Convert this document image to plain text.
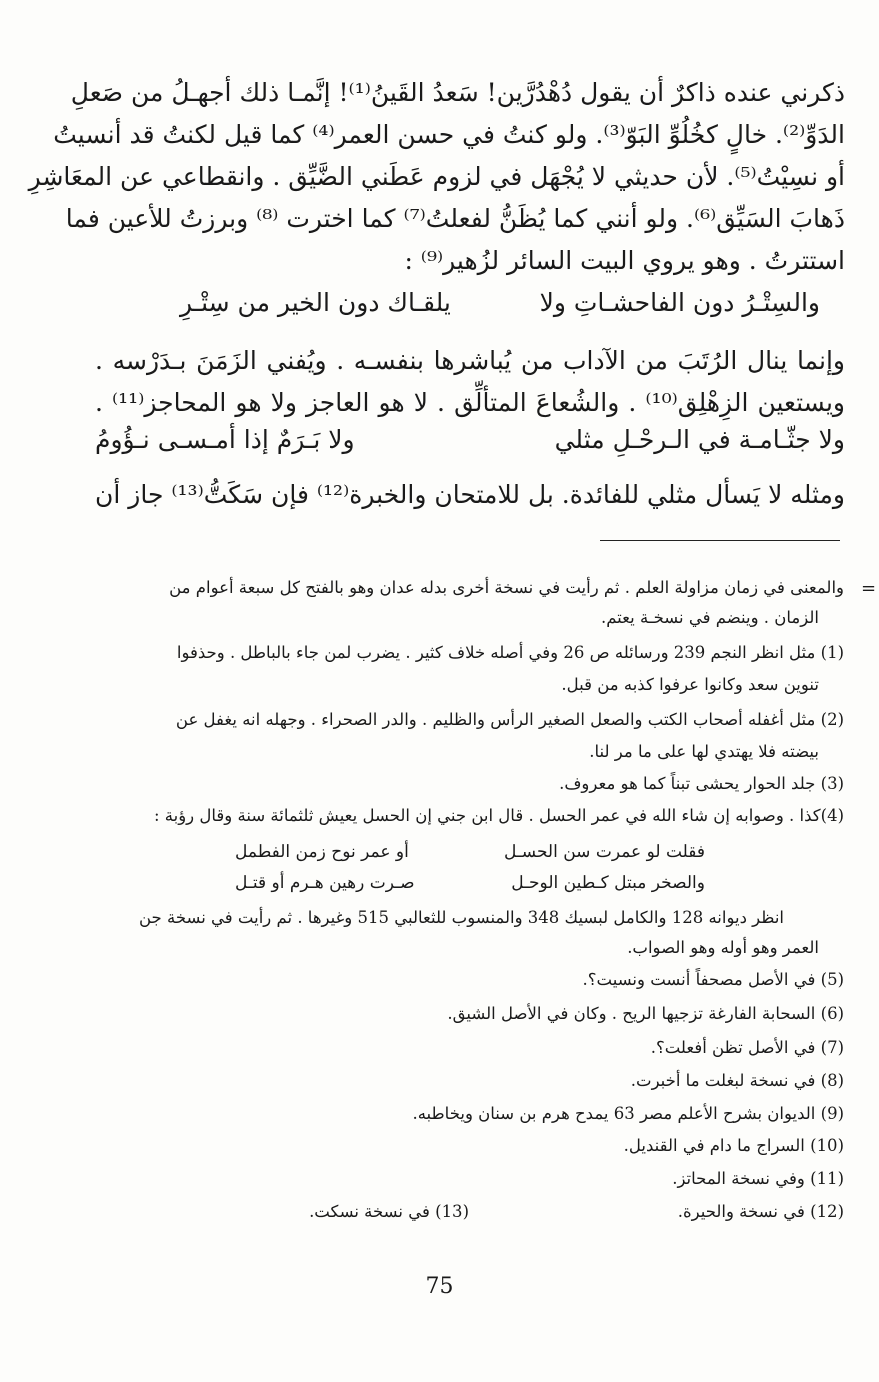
ذكرني عنده ذاكرٌ أن يقول دُهْدُرَّين! سَعدُ القَينُ⁽¹⁾! إنَّمـا ذلك أجهـلُ من صَعلِ
الدَوِّ⁽²⁾. خالٍ كخُلُوِّ البَوّ⁽³⁾. ولو كنتُ في حسن العمر⁽⁴⁾ كما قيل لكنتُ قد أنسيتُ
أو نسِيْتُ⁽⁵⁾. لأن حديثي لا يُجْهَل في لزوم عَطَني الضَّيِّق . وانقطاعي عن المعَاشِرِ
ذَهابَ السَيِّق⁽⁶⁾. ولو أنني كما يُظَنُّ لفعلتُ⁽⁷⁾ كما اخترت ⁽⁸⁾ وبرزتُ للأعين فما
استترتُ . وهو يروي البيت السائر لزُهير⁽⁹⁾ :
والسِتْـرُ دون الفاحشـاتِ ولا
يلقـاك دون الخير من سِتْـرِ
وإنما ينال الرُتَبَ من الآداب من يُباشرها بنفسـه . ويُفني الزَمَنَ بـدَرْسه .
ويستعين الزِهْلِق⁽¹⁰⁾ . والشُعاعَ المتألِّق . لا هو العاجز ولا هو المحاجز⁽¹¹⁾ .
ولا جثّـامـة في الـرحْـلِ مثلي
ولا بَـرَمٌ إذا أمـسـى نـؤُومُ
ومثله لا يَسأل مثلي للفائدة. بل للامتحان والخبرة⁽¹²⁾ فإن سَكَتُّ⁽¹³⁾ جاز أن
=
والمعنى في زمان مزاولة العلم . ثم رأيت في نسخة أخرى بدله عدان وهو بالفتح كل سبعة أعوام من
الزمان . وينضم في نسخـة يعتم.
(1) مثل انظر النجم 239 ورسائله ص 26 وفي أصله خلاف كثير . يضرب لمن جاء بالباطل . وحذفوا
تنوين سعد وكانوا عرفوا كذبه من قبل.
(2) مثل أغفله أصحاب الكتب والصعل الصغير الرأس والظليم . والدر الصحراء . وجهله انه يغفل عن
بيضته فلا يهتدي لها على ما مر لنا.
(3) جلد الحوار يحشى تبناً كما هو معروف.
(4)كذا . وصوابه إن شاء الله في عمر الحسل . قال ابن جني إن الحسل يعيش ثلثمائة سنة وقال رؤبة :
فقلت لو عمرت سن الحسـل
أو عمر نوح زمن الفطمل
والصخر مبتل كـطين الوحـل
صـرت رهين هـرم أو قتـل
انظر ديوانه 128 والكامل لبسيك 348 والمنسوب للثعالبي 515 وغيرها . ثم رأيت في نسخة جن
العمر وهو أوله وهو الصواب.
(5) في الأصل مصحفاً أنست ونسيت؟.
(6) السحابة الفارغة تزجيها الريح . وكان في الأصل الشيق.
(7) في الأصل تظن أفعلت؟.
(8) في نسخة لبغلت ما أخبرت.
(9) الديوان بشرح الأعلم مصر 63 يمدح هرم بن سنان ويخاطبه.
(10) السراج ما دام في القنديل.
(11) وفي نسخة المحاتز.
(12) في نسخة والحيرة.
(13) في نسخة نسكت.
75
